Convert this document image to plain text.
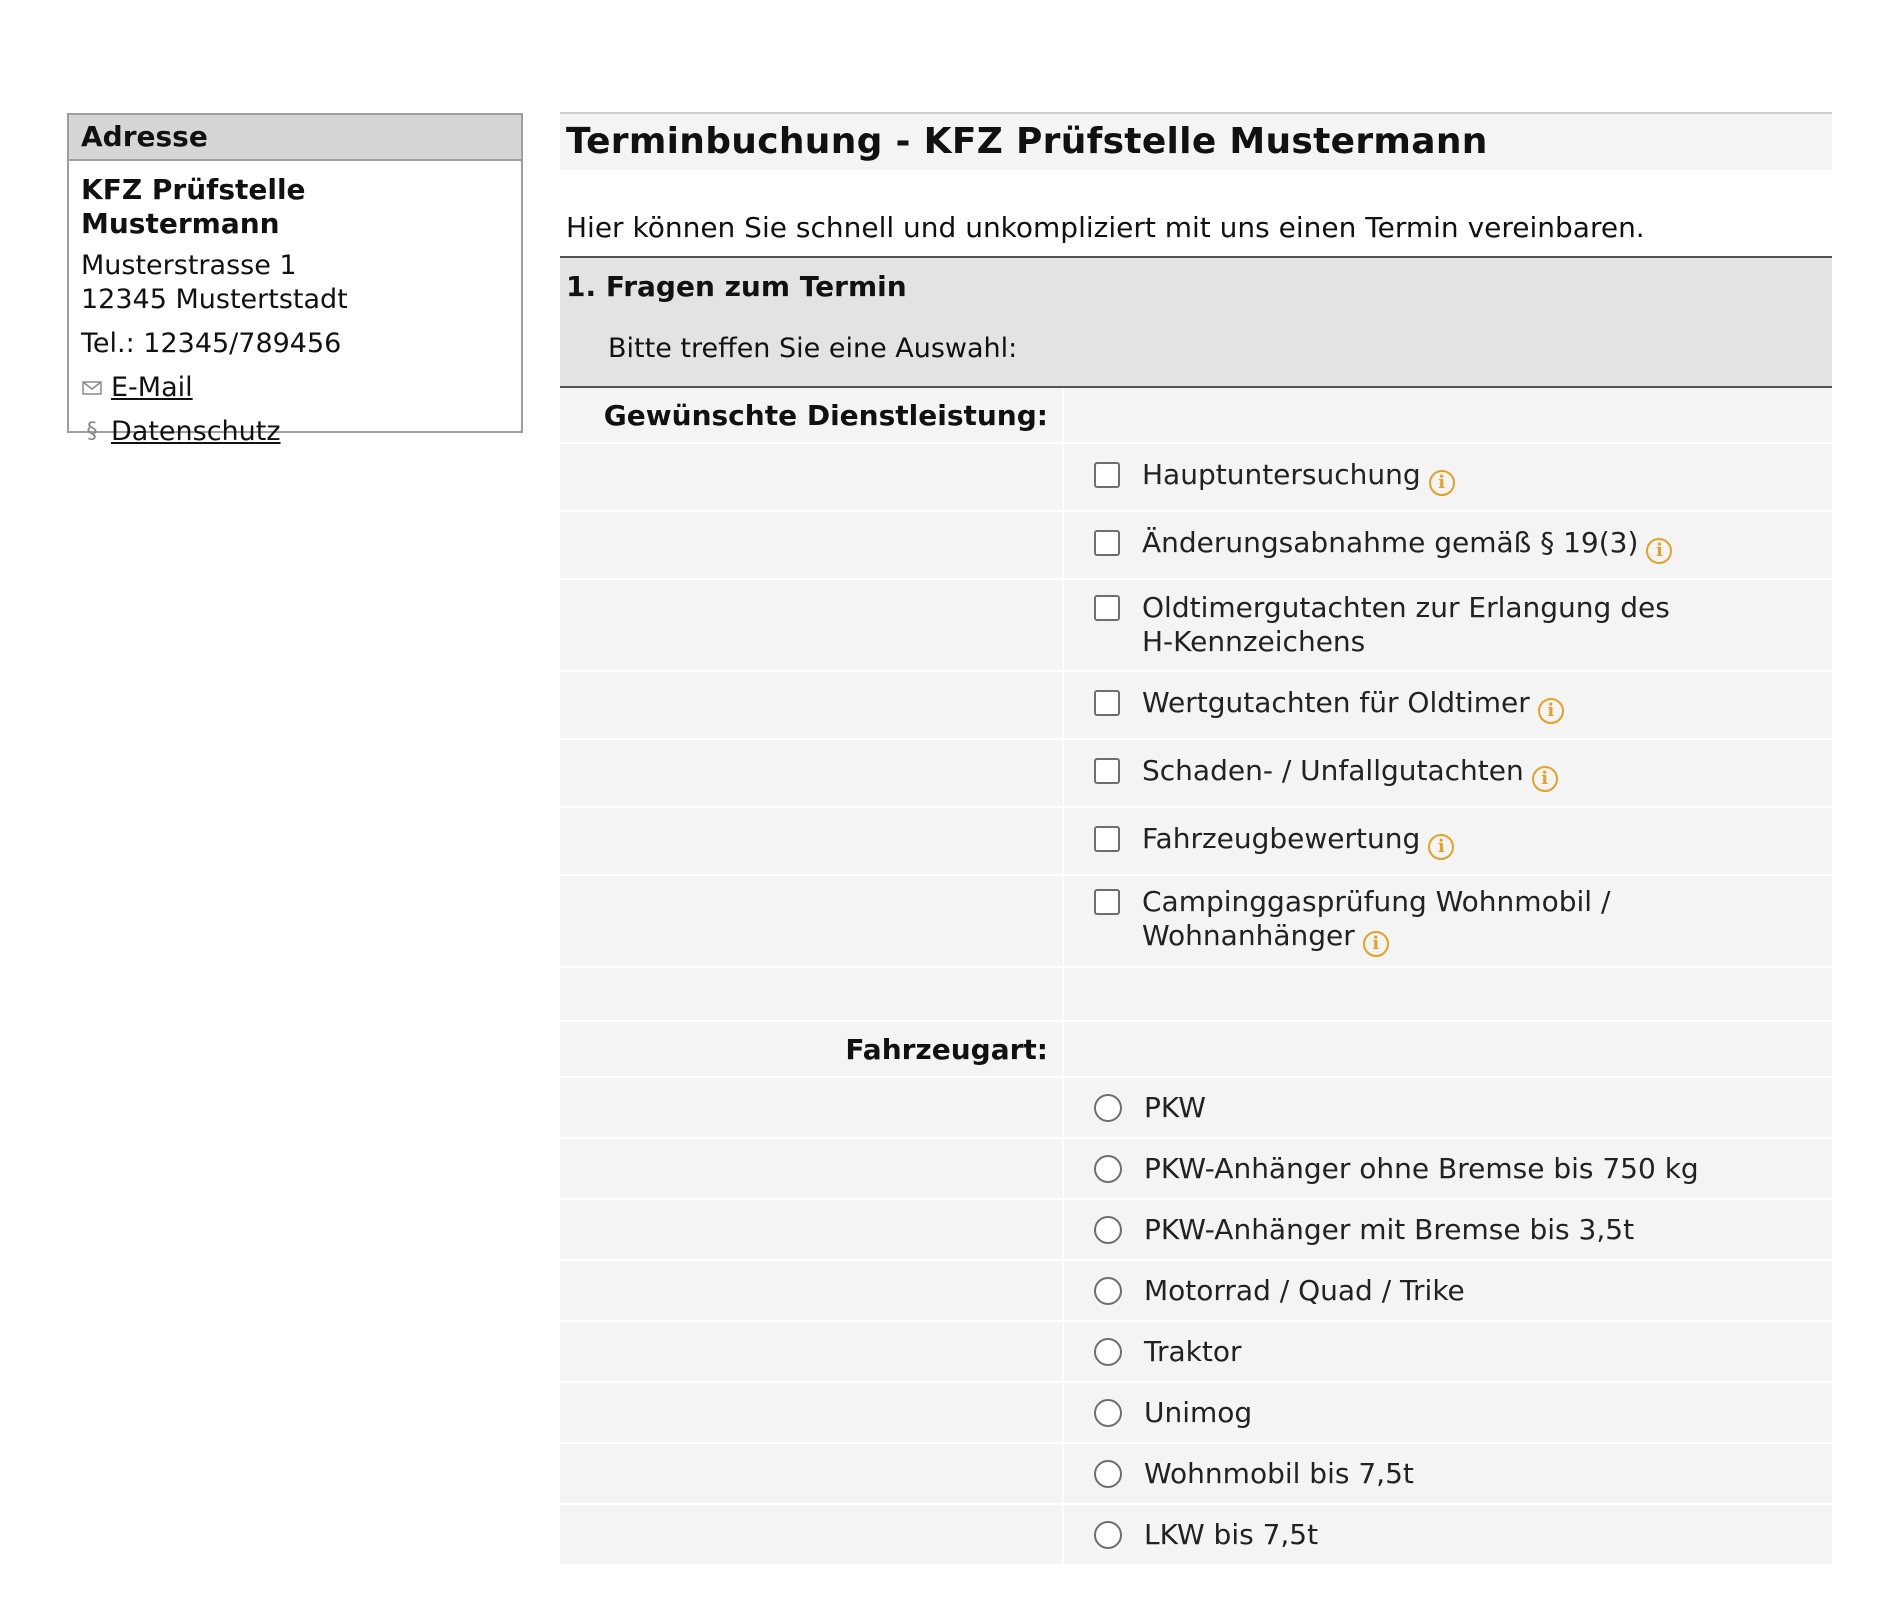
Adresse
KFZ Prüfstelle Mustermann
Musterstrasse 1
12345 Mustertstadt
Tel.: 12345/789456
E-Mail
§ Datenschutz
Terminbuchung - KFZ Prüfstelle Mustermann
Hier können Sie schnell und unkompliziert mit uns einen Termin vereinbaren.
1. Fragen zum Termin
Bitte treffen Sie eine Auswahl:
Gewünschte Dienstleistung:	

	Hauptuntersuchung i

	Änderungsabnahme gemäß § 19(3) i

	Oldtimergutachten zur Erlangung des H-Kennzeichens

	Wertgutachten für Oldtimer i

	Schaden- / Unfallgutachten i

	Fahrzeugbewertung i

	Campinggasprüfung Wohnmobil / Wohnanhänger i

Fahrzeugart:	

	PKW

	PKW-Anhänger ohne Bremse bis 750 kg

	PKW-Anhänger mit Bremse bis 3,5t

	Motorrad / Quad / Trike

	Traktor

	Unimog

	Wohnmobil bis 7,5t

	LKW bis 7,5t
